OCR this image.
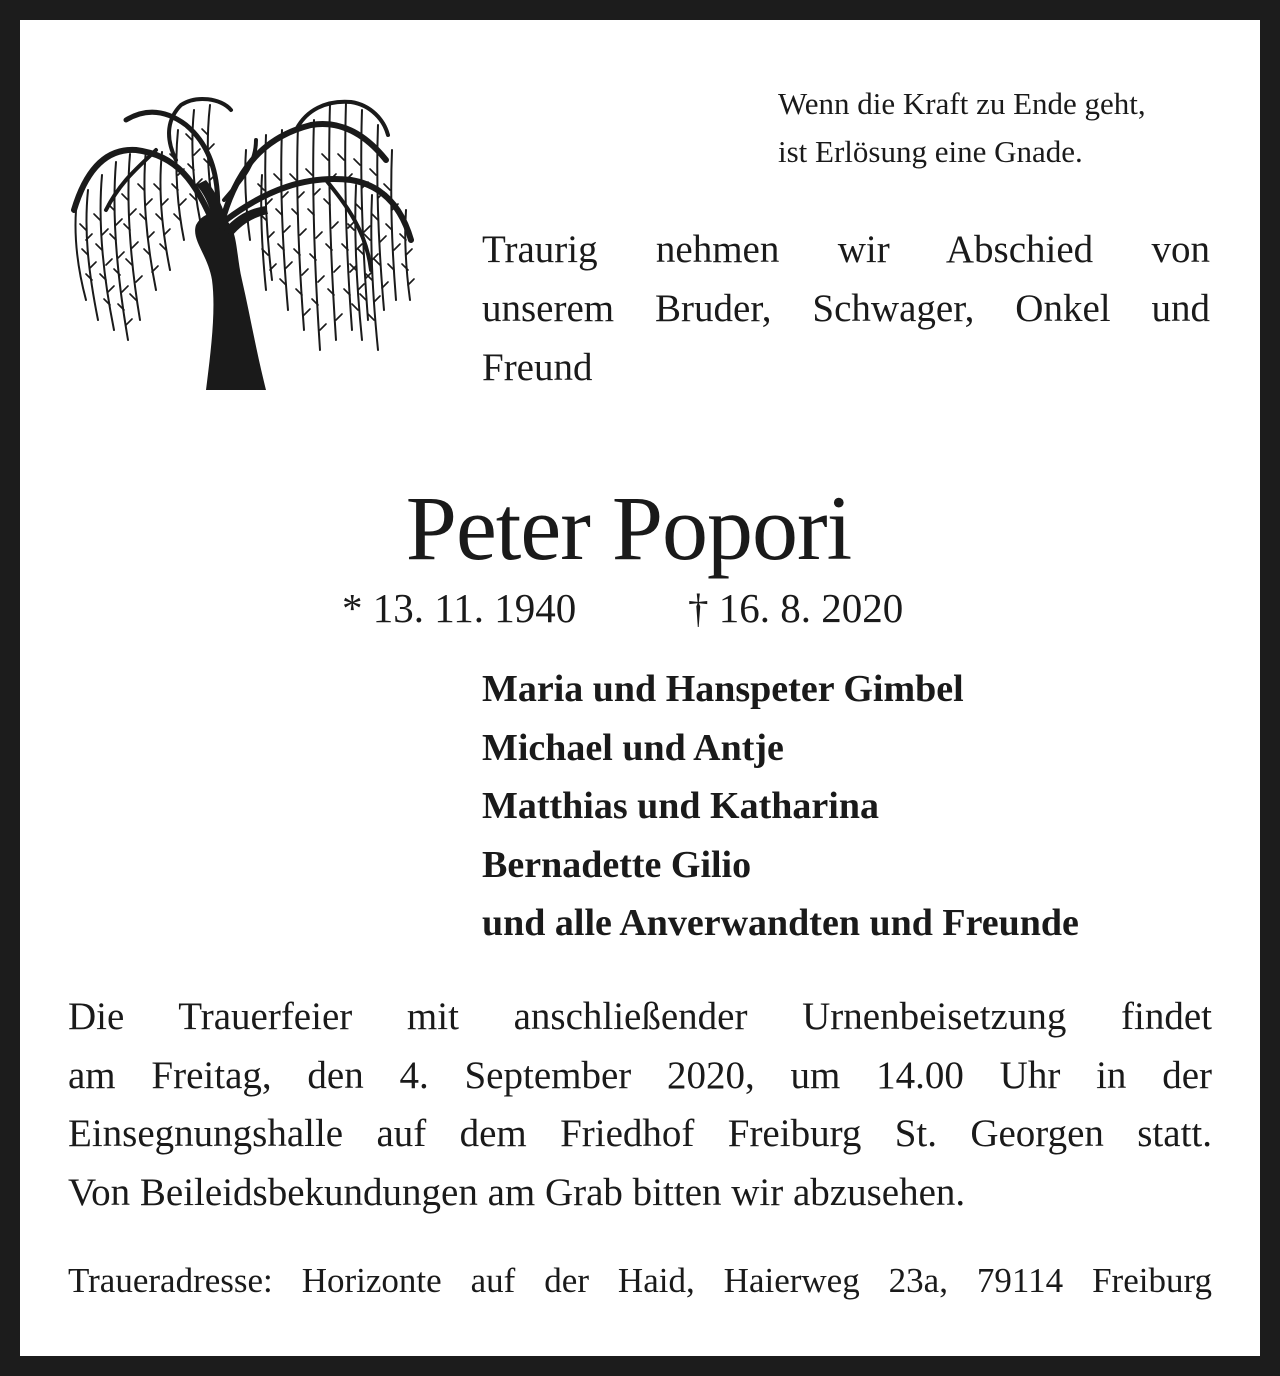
Wenn die Kraft zu Ende geht,
ist Erlösung eine Gnade.
Traurig nehmen wir Abschied von
unserem Bruder, Schwager, Onkel und
Freund
Peter Popori
* 13. 11. 1940	† 16. 8. 2020
Maria und Hanspeter Gimbel
Michael und Antje
Matthias und Katharina
Bernadette Gilio
und alle Anverwandten und Freunde
Die Trauerfeier mit anschließender Urnenbeisetzung findet
am Freitag, den 4. September 2020, um 14.00 Uhr in der
Einsegnungshalle auf dem Friedhof Freiburg St. Georgen statt.
Von Beileidsbekundungen am Grab bitten wir abzusehen.
Traueradresse: Horizonte auf der Haid, Haierweg 23a, 79114 Freiburg
